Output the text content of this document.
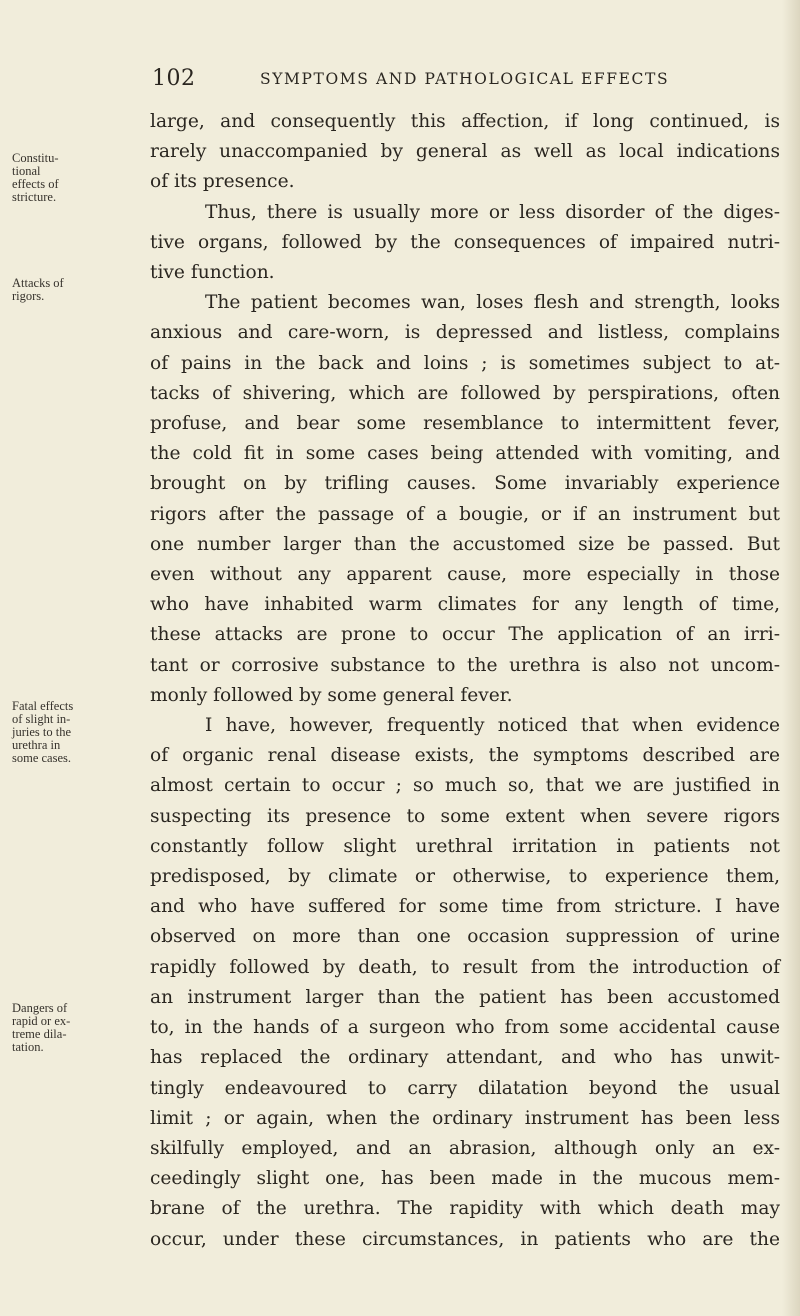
102	SYMPTOMS AND PATHOLOGICAL EFFECTS
Constitu-
tional
effects of
stricture.
Attacks of
rigors.
Fatal effects
of slight in-
juries to the
urethra in
some cases.
Dangers of
rapid or ex-
treme dila-
tation.
large, and consequently this affection, if long continued, is
rarely unaccompanied by general as well as local indications
of its presence.
Thus, there is usually more or less disorder of the diges-
tive organs, followed by the consequences of impaired nutri-
tive function.
The patient becomes wan, loses flesh and strength, looks
anxious and care-worn, is depressed and listless, complains
of pains in the back and loins ; is sometimes subject to at-
tacks of shivering, which are followed by perspirations, often
profuse, and bear some resemblance to intermittent fever,
the cold fit in some cases being attended with vomiting, and
brought on by trifling causes. Some invariably experience
rigors after the passage of a bougie, or if an instrument but
one number larger than the accustomed size be passed. But
even without any apparent cause, more especially in those
who have inhabited warm climates for any length of time,
these attacks are prone to occur The application of an irri-
tant or corrosive substance to the urethra is also not uncom-
monly followed by some general fever.
I have, however, frequently noticed that when evidence
of organic renal disease exists, the symptoms described are
almost certain to occur ; so much so, that we are justified in
suspecting its presence to some extent when severe rigors
constantly follow slight urethral irritation in patients not
predisposed, by climate or otherwise, to experience them,
and who have suffered for some time from stricture. I have
observed on more than one occasion suppression of urine
rapidly followed by death, to result from the introduction of
an instrument larger than the patient has been accustomed
to, in the hands of a surgeon who from some accidental cause
has replaced the ordinary attendant, and who has unwit-
tingly endeavoured to carry dilatation beyond the usual
limit ; or again, when the ordinary instrument has been less
skilfully employed, and an abrasion, although only an ex-
ceedingly slight one, has been made in the mucous mem-
brane of the urethra. The rapidity with which death may
occur, under these circumstances, in patients who are the
